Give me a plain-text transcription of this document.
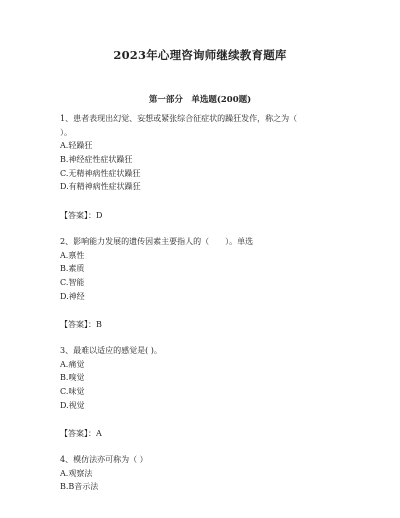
2023年心理咨询师继续教育题库
第一部分　单选题(200题)
1、患者表现出幻觉、妄想或紧张综合征症状的躁狂发作，称之为（
）。
A.轻躁狂
B.神经症性症状躁狂
C.无精神病性症状躁狂
D.有精神病性症状躁狂
【答案】：D
2、影响能力发展的遗传因素主要指人的（　　）。单选
A.禀性
B.素质
C.智能
D.神经
【答案】：B
3、最难以适应的感觉是( )。
A.痛觉
B.嗅觉
C.味觉
D.视觉
【答案】：A
4、模仿法亦可称为（ ）
A.观察法
B.B音示法
